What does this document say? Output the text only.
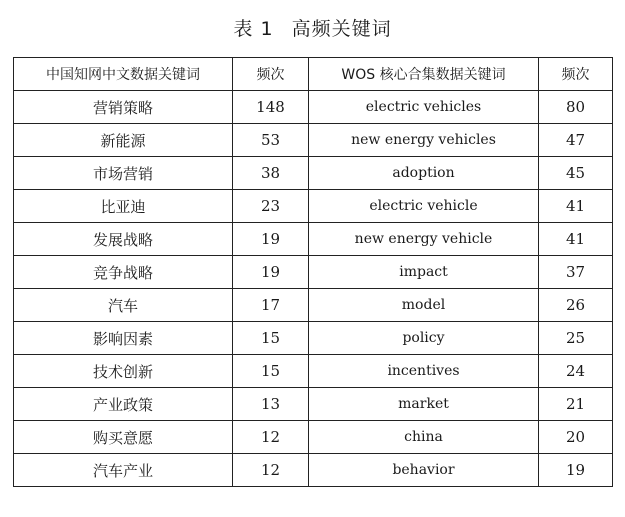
表 1 高频关键词
中国知网中文数据关键词	频次	WOS 核心合集数据关键词	频次
营销策略	148	electric vehicles	80
新能源	53	new energy vehicles	47
市场营销	38	adoption	45
比亚迪	23	electric vehicle	41
发展战略	19	new energy vehicle	41
竞争战略	19	impact	37
汽车	17	model	26
影响因素	15	policy	25
技术创新	15	incentives	24
产业政策	13	market	21
购买意愿	12	china	20
汽车产业	12	behavior	19
